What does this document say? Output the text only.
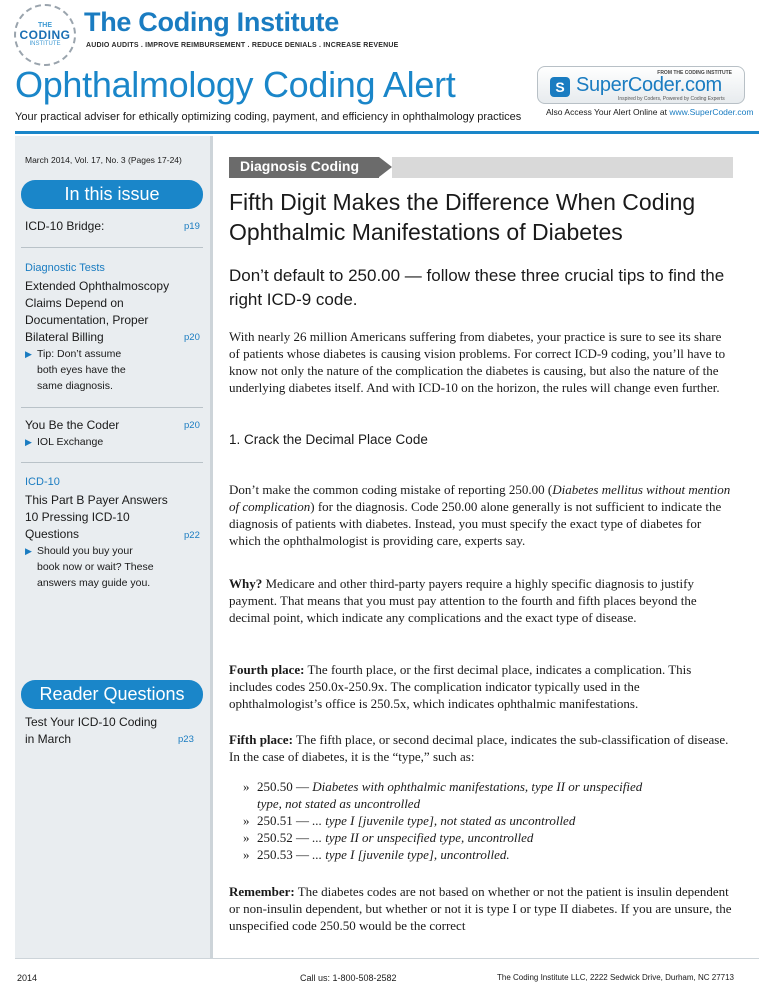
THE
CODING
INSTITUTE
The Coding Institute
AUDIO AUDITS . IMPROVE REIMBURSEMENT . REDUCE DENIALS . INCREASE REVENUE
Ophthalmology Coding Alert
Your practical adviser for ethically optimizing coding, payment, and efficiency in ophthalmology practices
FROM THE CODING INSTITUTE
S SuperCoder.com
Inspired by Coders, Powered by Coding Experts
Also Access Your Alert Online at www.SuperCoder.com
March 2014, Vol. 17, No. 3 (Pages 17-24)
In this issue
ICD-10 Bridge:	p19
Diagnostic Tests
Extended Ophthalmoscopy
Claims Depend on
Documentation, Proper
Bilateral Billing	p20
▶ Tip: Don’t assume
both eyes have the
same diagnosis.
You Be the Coder	p20
▶ IOL Exchange
ICD-10
This Part B Payer Answers
10 Pressing ICD-10
Questions	p22
▶ Should you buy your
book now or wait? These
answers may guide you.
Reader Questions
Test Your ICD-10 Coding
in March	p23
Diagnosis Coding
Fifth Digit Makes the Difference When Coding Ophthalmic Manifestations of Diabetes
Don’t default to 250.00 — follow these three crucial tips to find the right ICD-9 code.
With nearly 26 million Americans suffering from diabetes, your practice is sure to see its share of patients whose diabetes is causing vision problems. For correct ICD-9 coding, you’ll have to know not only the nature of the complication the diabetes is causing, but also the nature of the underlying diabetes itself. And with ICD-10 on the horizon, the rules will change even further.
1. Crack the Decimal Place Code
Don’t make the common coding mistake of reporting 250.00 (Diabetes mellitus without mention of complication) for the diagnosis. Code 250.00 alone generally is not sufficient to indicate the diagnosis of patients with diabetes. Instead, you must specify the exact type of diabetes for which the ophthalmologist is providing care, experts say.
Why? Medicare and other third-party payers require a highly specific diagnosis to justify payment. That means that you must pay attention to the fourth and fifth places beyond the decimal point, which indicate any complications and the exact type of disease.
Fourth place: The fourth place, or the first decimal place, indicates a complication. This includes codes 250.0x-250.9x. The complication indicator typically used in the ophthalmologist’s office is 250.5x, which indicates ophthalmic manifestations.
Fifth place: The fifth place, or second decimal place, indicates the sub-classification of disease. In the case of diabetes, it is the “type,” such as:
» 250.50 — Diabetes with ophthalmic manifestations, type II or unspecified
type, not stated as uncontrolled
» 250.51 — ... type I [juvenile type], not stated as uncontrolled
» 250.52 — ... type II or unspecified type, uncontrolled
» 250.53 — ... type I [juvenile type], uncontrolled.
Remember: The diabetes codes are not based on whether or not the patient is insulin dependent or non-insulin dependent, but whether or not it is type I or type II diabetes. If you are unsure, the unspecified code 250.50 would be the correct
2014	Call us: 1-800-508-2582	The Coding Institute LLC, 2222 Sedwick Drive, Durham, NC 27713
